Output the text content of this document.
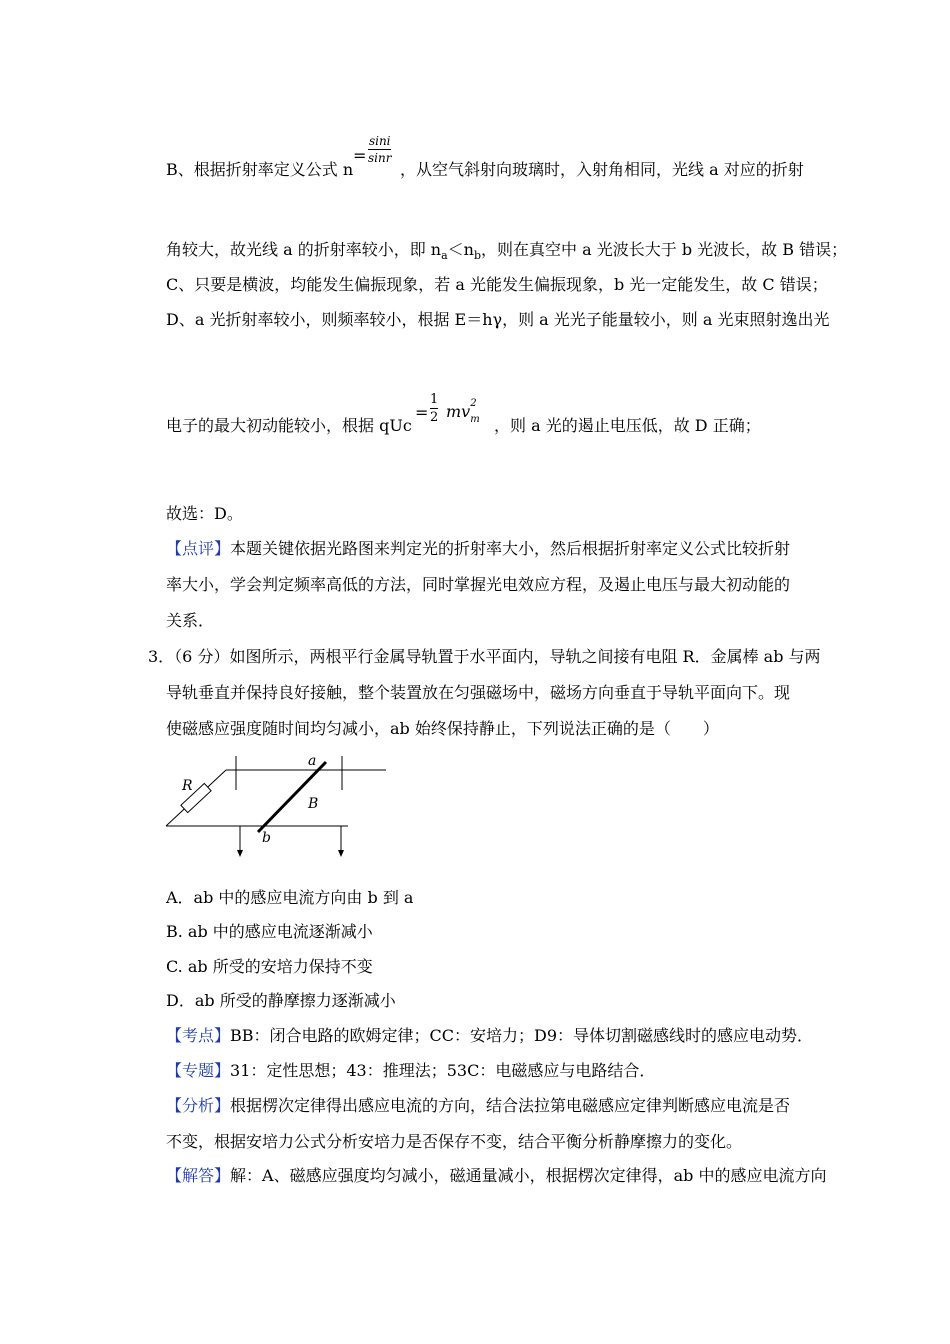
B、根据折射率定义公式 n
=
sini
sinr
，从空气斜射向玻璃时，入射角相同，光线 a 对应的折射
角较大，故光线 a 的折射率较小，即 $n_a<n_b$，则在真空中 a 光波长大于 b 光波长，故 B 错误；
C、只要是横波，均能发生偏振现象，若 a 光能发生偏振现象，b 光一定能发生，故 C 错误；
D、a 光折射率较小，则频率较小，根据 E＝hγ，则 a 光光子能量较小，则 a 光束照射逸出光
电子的最大初动能较小，根据 qUc
=
1
2 mv 2
m ，则 a 光的遏止电压低，故 D 正确；
故选：D。
【点评】本题关键依据光路图来判定光的折射率大小，然后根据折射率定义公式比较折射
率大小，学会判定频率高低的方法，同时掌握光电效应方程，及遏止电压与最大初动能的
关系．
3．（6 分）如图所示，两根平行金属导轨置于水平面内，导轨之间接有电阻 R．金属棒 ab 与两
导轨垂直并保持良好接触，整个装置放在匀强磁场中，磁场方向垂直于导轨平面向下。现
使磁感应强度随时间均匀减小，ab 始终保持静止，下列说法正确的是（　　）
R
a
B
b
A．ab 中的感应电流方向由 b 到 a
B. ab 中的感应电流逐渐减小
C. ab 所受的安培力保持不变
D．ab 所受的静摩擦力逐渐减小
【考点】BB：闭合电路的欧姆定律；CC：安培力；D9：导体切割磁感线时的感应电动势．
【专题】31：定性思想；43：推理法；53C：电磁感应与电路结合．
【分析】根据楞次定律得出感应电流的方向，结合法拉第电磁感应定律判断感应电流是否
不变，根据安培力公式分析安培力是否保存不变，结合平衡分析静摩擦力的变化。
【解答】解：A、磁感应强度均匀减小，磁通量减小，根据楞次定律得，ab 中的感应电流方向
